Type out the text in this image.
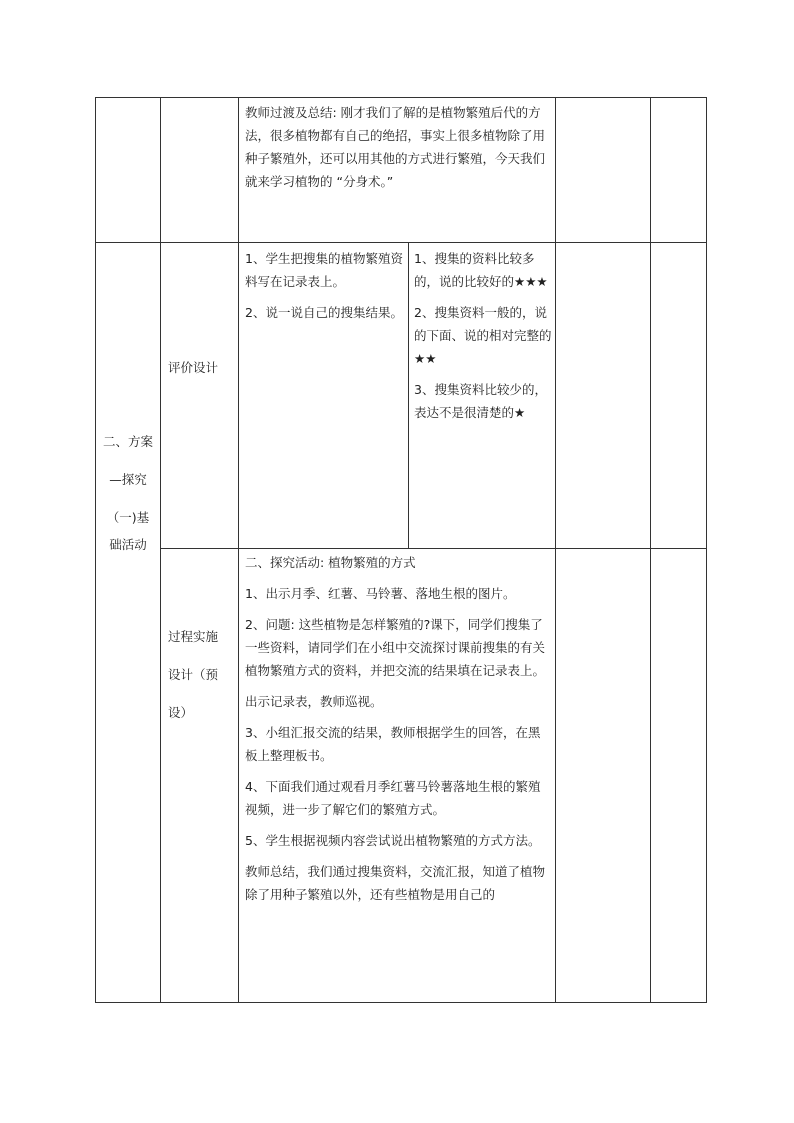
教师过渡及总结: 刚才我们了解的是植物繁殖后代的方法，很多植物都有自己的绝招，事实上很多植物除了用种子繁殖外，还可以用其他的方式进行繁殖，今天我们就来学习植物的 “分身术。”

二、方案
—探究
（一)基
础活动
评价设计

1、学生把搜集的植物繁殖资料写在记录表上。

2、说一说自己的搜集结果。

1、搜集的资料比较多的，说的比较好的★★★

2、搜集资料一般的，说的下面、说的相对完整的★★

3、搜集资料比较少的，表达不是很清楚的★

过程实施
设计（预
设）

二、探究活动: 植物繁殖的方式

1、出示月季、红薯、马铃薯、落地生根的图片。

2、问题: 这些植物是怎样繁殖的?课下，同学们搜集了一些资料，请同学们在小组中交流探讨课前搜集的有关植物繁殖方式的资料，并把交流的结果填在记录表上。

出示记录表，教师巡视。

3、小组汇报交流的结果，教师根据学生的回答，在黑板上整理板书。

4、下面我们通过观看月季红薯马铃薯落地生根的繁殖视频，进一步了解它们的繁殖方式。

5、学生根据视频内容尝试说出植物繁殖的方式方法。

教师总结，我们通过搜集资料，交流汇报，知道了植物除了用种子繁殖以外，还有些植物是用自己的
